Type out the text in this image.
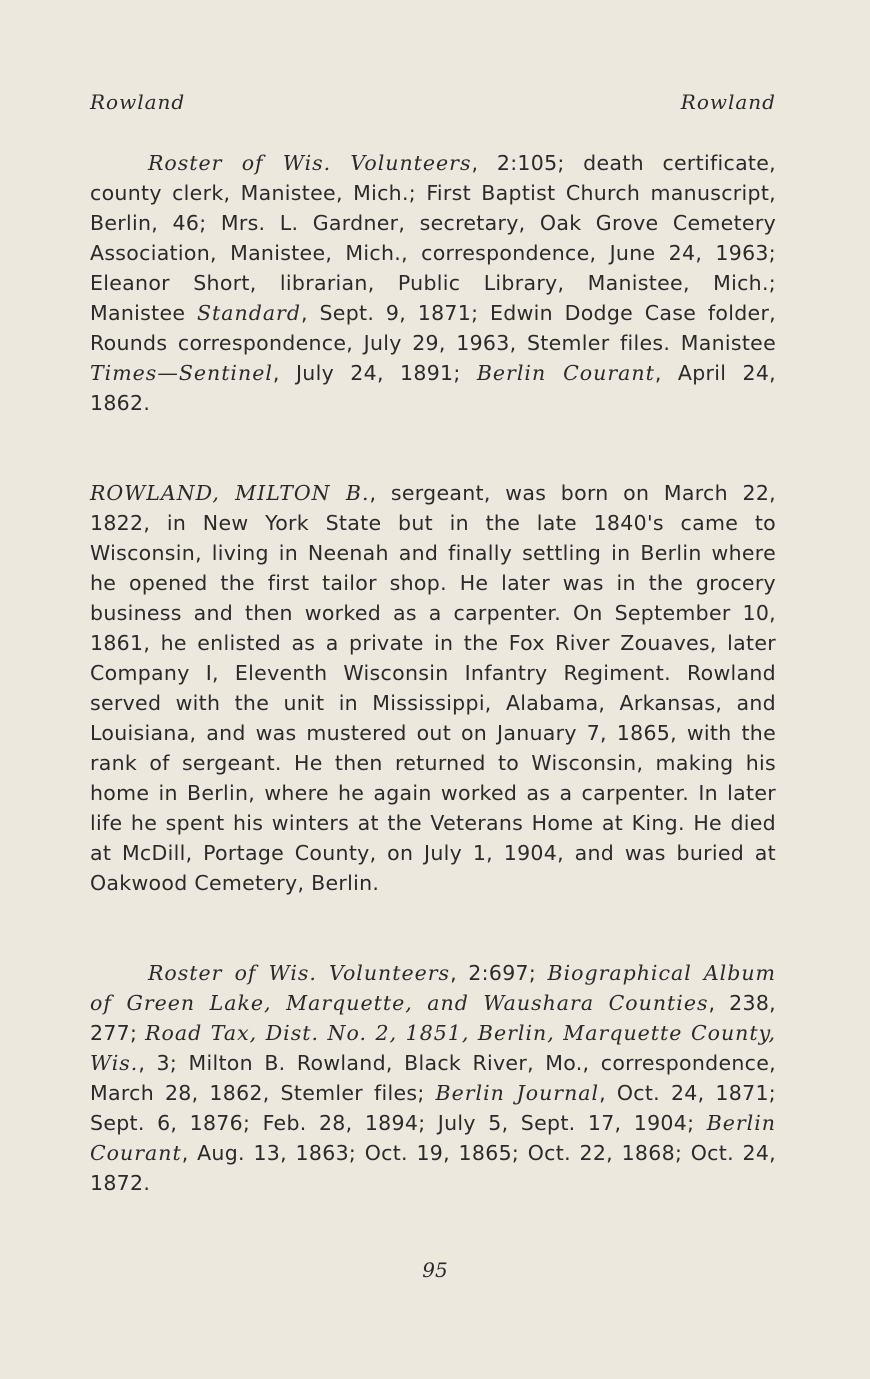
Rowland	Rowland

Roster of Wis. Volunteers, 2:105; death certificate, county clerk, Manistee, Mich.; First Baptist Church manuscript, Berlin, 46; Mrs. L. Gardner, secretary, Oak Grove Cemetery Association, Manistee, Mich., correspondence, June 24, 1963; Eleanor Short, librarian, Public Library, Manistee, Mich.; Manistee Standard, Sept. 9, 1871; Edwin Dodge Case folder, Rounds correspondence, July 29, 1963, Stemler files. Manistee Times—Sentinel, July 24, 1891; Berlin Courant, April 24, 1862.

ROWLAND, MILTON B., sergeant, was born on March 22, 1822, in New York State but in the late 1840's came to Wisconsin, living in Neenah and finally settling in Berlin where he opened the first tailor shop. He later was in the grocery business and then worked as a carpenter. On September 10, 1861, he enlisted as a private in the Fox River Zouaves, later Company I, Eleventh Wisconsin Infantry Regiment. Rowland served with the unit in Mississippi, Alabama, Arkansas, and Louisiana, and was mustered out on January 7, 1865, with the rank of sergeant. He then returned to Wisconsin, making his home in Berlin, where he again worked as a carpenter. In later life he spent his winters at the Veterans Home at King. He died at McDill, Portage County, on July 1, 1904, and was buried at Oakwood Cemetery, Berlin.

Roster of Wis. Volunteers, 2:697; Biographical Album of Green Lake, Marquette, and Waushara Counties, 238, 277; Road Tax, Dist. No. 2, 1851, Berlin, Marquette County, Wis., 3; Milton B. Rowland, Black River, Mo., correspondence, March 28, 1862, Stemler files; Berlin Journal, Oct. 24, 1871; Sept. 6, 1876; Feb. 28, 1894; July 5, Sept. 17, 1904; Berlin Courant, Aug. 13, 1863; Oct. 19, 1865; Oct. 22, 1868; Oct. 24, 1872.

95
